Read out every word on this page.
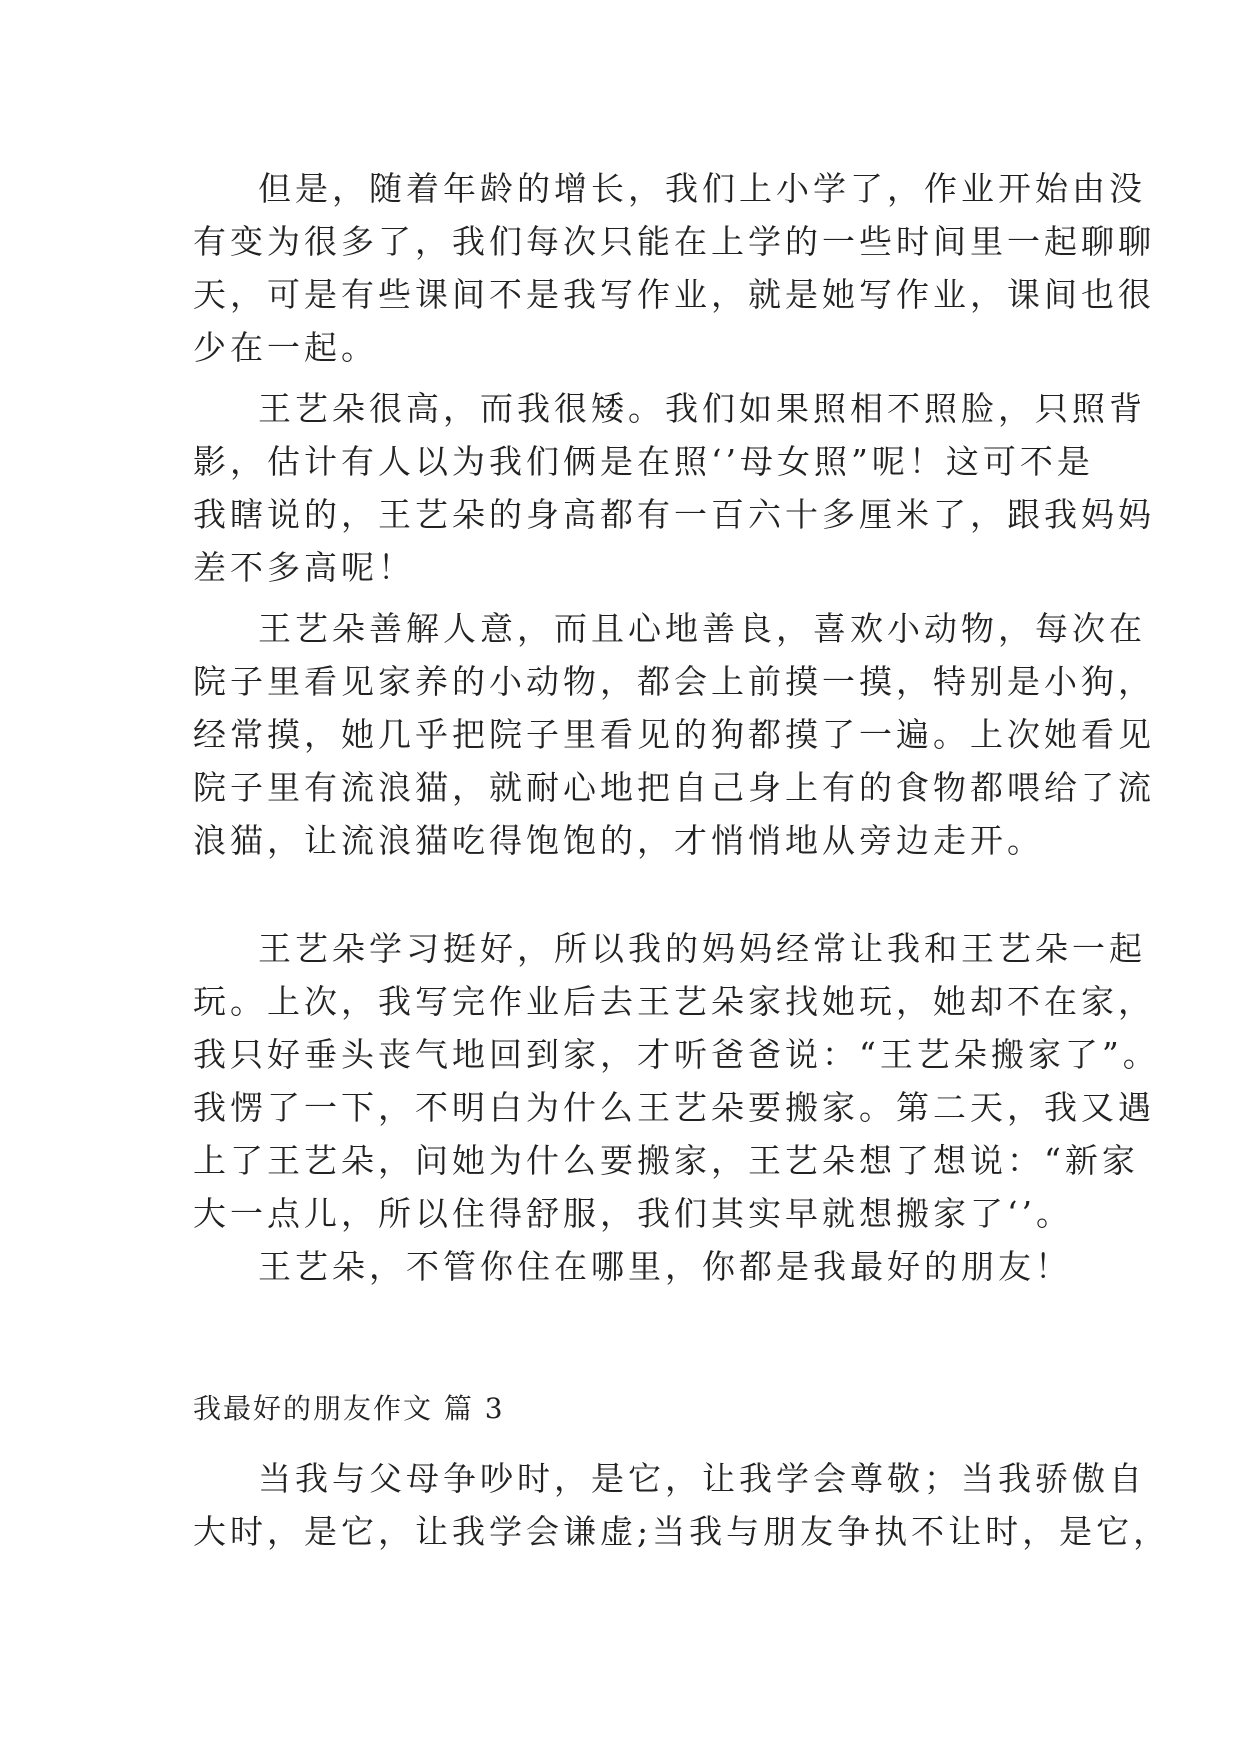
但是，随着年龄的增长，我们上小学了，作业开始由没
有变为很多了，我们每次只能在上学的一些时间里一起聊聊
天，可是有些课间不是我写作业，就是她写作业，课间也很
少在一起。
王艺朵很高，而我很矮。我们如果照相不照脸，只照背
影，估计有人以为我们俩是在照‘’母女照”呢！这可不是
我瞎说的，王艺朵的身高都有一百六十多厘米了，跟我妈妈
差不多高呢！
王艺朵善解人意，而且心地善良，喜欢小动物，每次在
院子里看见家养的小动物，都会上前摸一摸，特别是小狗，
经常摸，她几乎把院子里看见的狗都摸了一遍。上次她看见
院子里有流浪猫，就耐心地把自己身上有的食物都喂给了流
浪猫，让流浪猫吃得饱饱的，才悄悄地从旁边走开。
王艺朵学习挺好，所以我的妈妈经常让我和王艺朵一起
玩。上次，我写完作业后去王艺朵家找她玩，她却不在家，
我只好垂头丧气地回到家，才听爸爸说：“王艺朵搬家了”。
我愣了一下，不明白为什么王艺朵要搬家。第二天，我又遇
上了王艺朵，问她为什么要搬家，王艺朵想了想说：“新家
大一点儿，所以住得舒服，我们其实早就想搬家了‘’。
王艺朵，不管你住在哪里，你都是我最好的朋友！
我最好的朋友作文 篇 3
当我与父母争吵时，是它，让我学会尊敬；当我骄傲自
大时，是它，让我学会谦虚;当我与朋友争执不让时，是它，
